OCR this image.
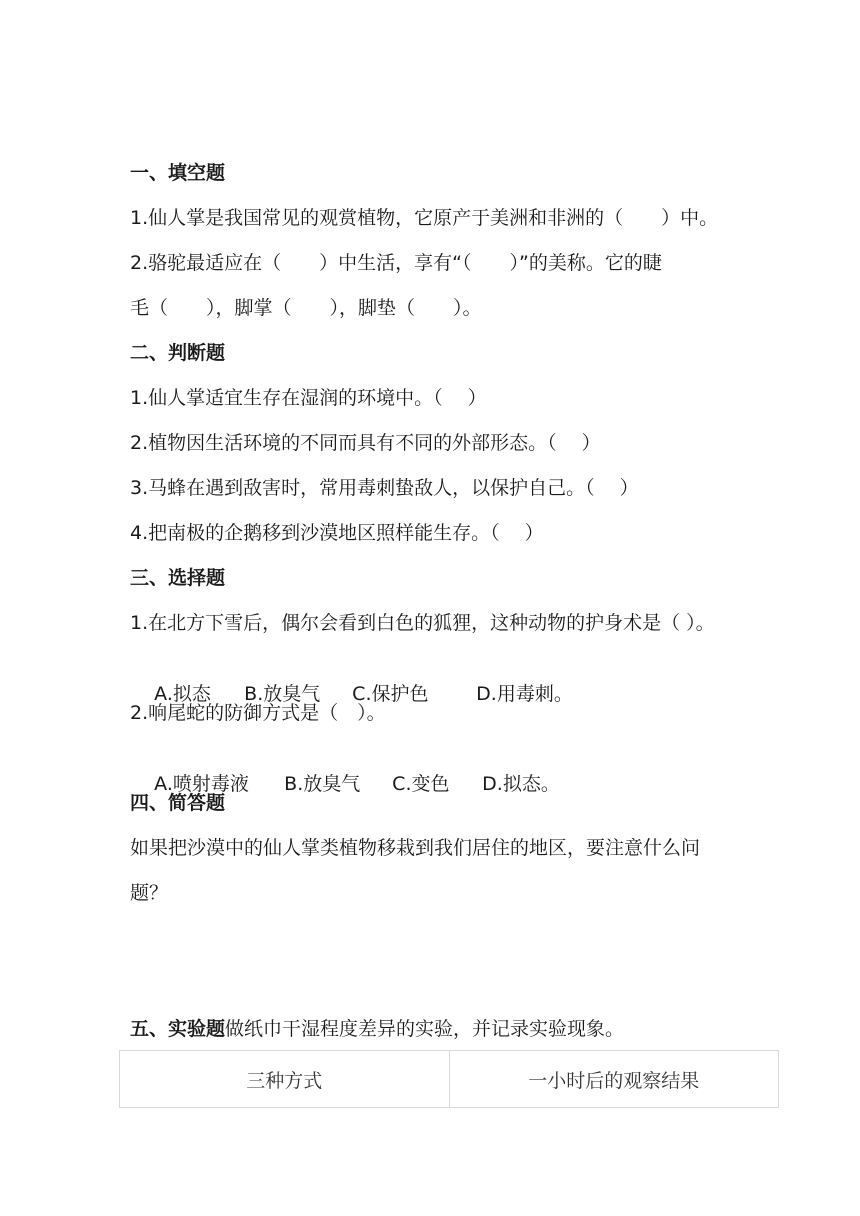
一、填空题
1.仙人掌是我国常见的观赏植物，它原产于美洲和非洲的（　　）中。
2.骆驼最适应在（　　）中生活，享有“（　　）”的美称。它的睫
毛（　　），脚掌（　　），脚垫（　　）。
二、判断题
1.仙人掌适宜生存在湿润的环境中。（　 ）
2.植物因生活环境的不同而具有不同的外部形态。（　 ）
3.马蜂在遇到敌害时，常用毒刺蛰敌人，以保护自己。（　 ）
4.把南极的企鹅移到沙漠地区照样能生存。（　 ）
三、选择题
1.在北方下雪后，偶尔会看到白色的狐狸，这种动物的护身术是（ ）。

A.拟态 B.放臭气 C.保护色	D.用毒刺。

2.响尾蛇的防御方式是（　）。

A.喷射毒液 B.放臭气 C.变色 D.拟态。

四、简答题
如果把沙漠中的仙人掌类植物移栽到我们居住的地区，要注意什么问
题？
五、实验题做纸巾干湿程度差异的实验，并记录实验现象。
三种方式	一小时后的观察结果
